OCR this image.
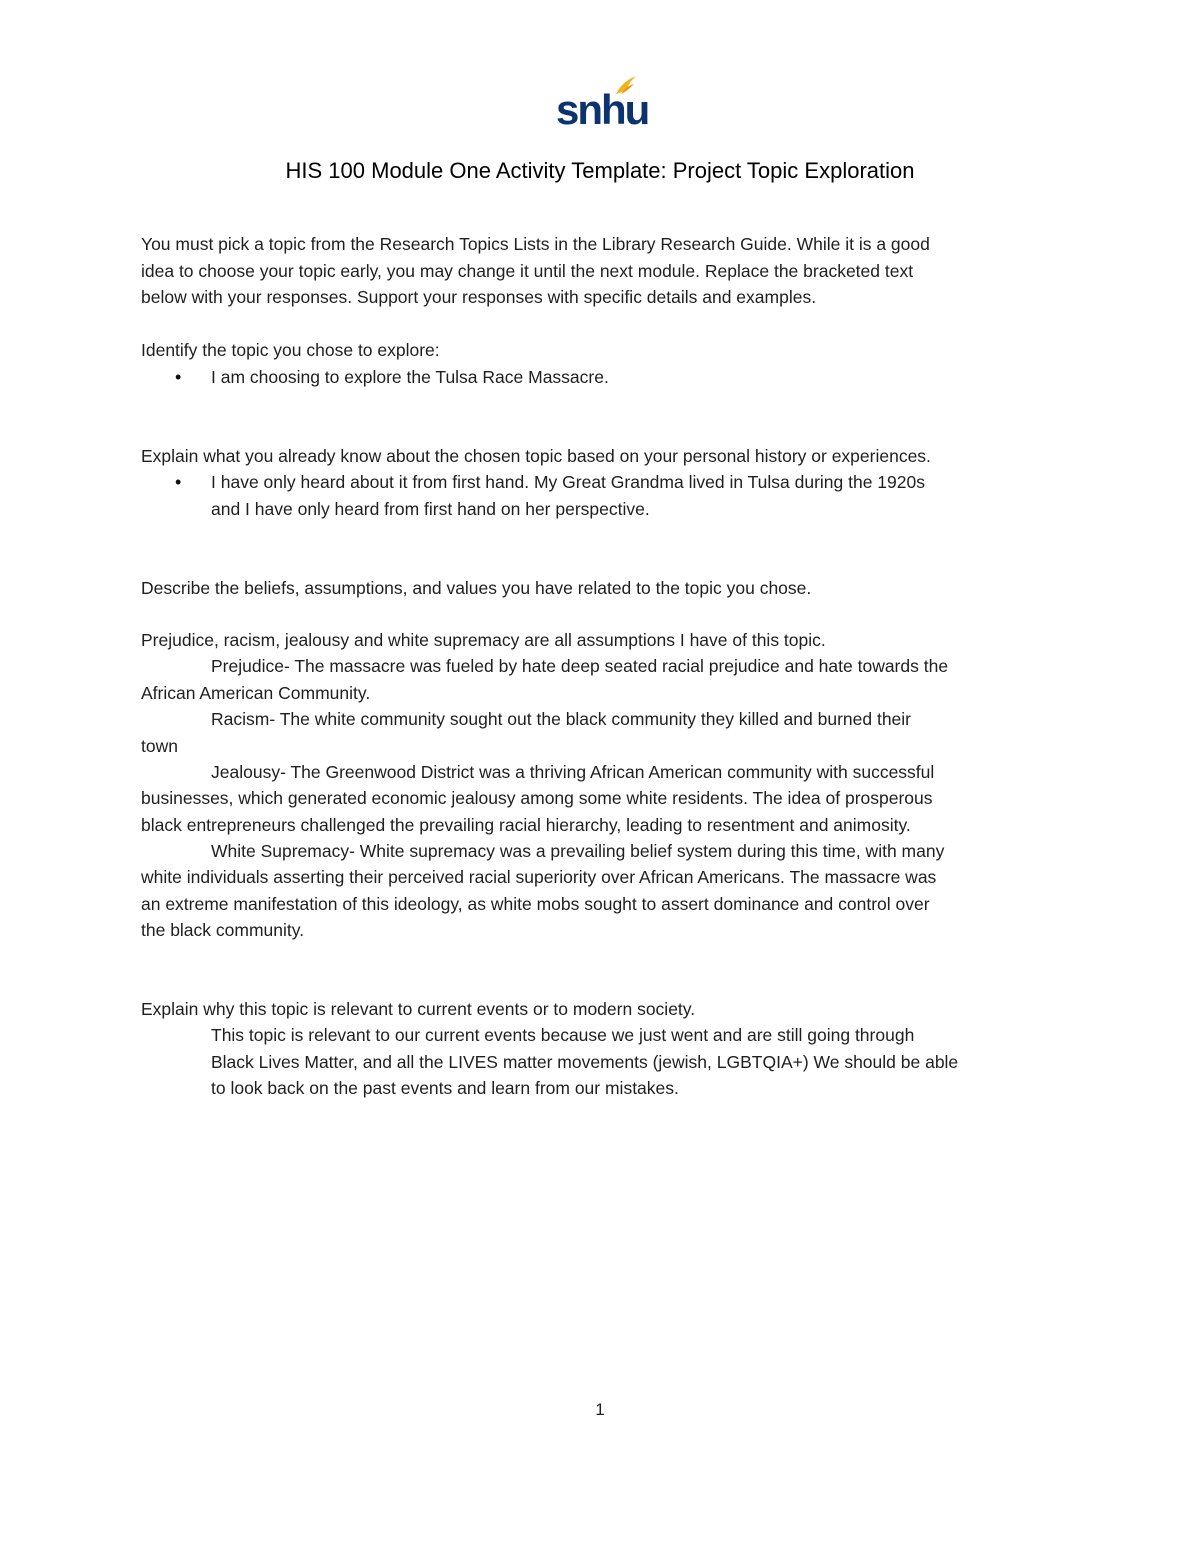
snhu
HIS 100 Module One Activity Template: Project Topic Exploration
You must pick a topic from the Research Topics Lists in the Library Research Guide. While it is a good
idea to choose your topic early, you may change it until the next module. Replace the bracketed text
below with your responses. Support your responses with specific details and examples.
Identify the topic you chose to explore:
• I am choosing to explore the Tulsa Race Massacre.
Explain what you already know about the chosen topic based on your personal history or experiences.
• I have only heard about it from first hand. My Great Grandma lived in Tulsa during the 1920s
and I have only heard from first hand on her perspective.
Describe the beliefs, assumptions, and values you have related to the topic you chose.
Prejudice, racism, jealousy and white supremacy are all assumptions I have of this topic.
Prejudice- The massacre was fueled by hate deep seated racial prejudice and hate towards the
African American Community.
Racism- The white community sought out the black community they killed and burned their
town
Jealousy- The Greenwood District was a thriving African American community with successful
businesses, which generated economic jealousy among some white residents. The idea of prosperous
black entrepreneurs challenged the prevailing racial hierarchy, leading to resentment and animosity.
White Supremacy- White supremacy was a prevailing belief system during this time, with many
white individuals asserting their perceived racial superiority over African Americans. The massacre was
an extreme manifestation of this ideology, as white mobs sought to assert dominance and control over
the black community.
Explain why this topic is relevant to current events or to modern society.
This topic is relevant to our current events because we just went and are still going through
Black Lives Matter, and all the LIVES matter movements (jewish, LGBTQIA+) We should be able
to look back on the past events and learn from our mistakes.
1
